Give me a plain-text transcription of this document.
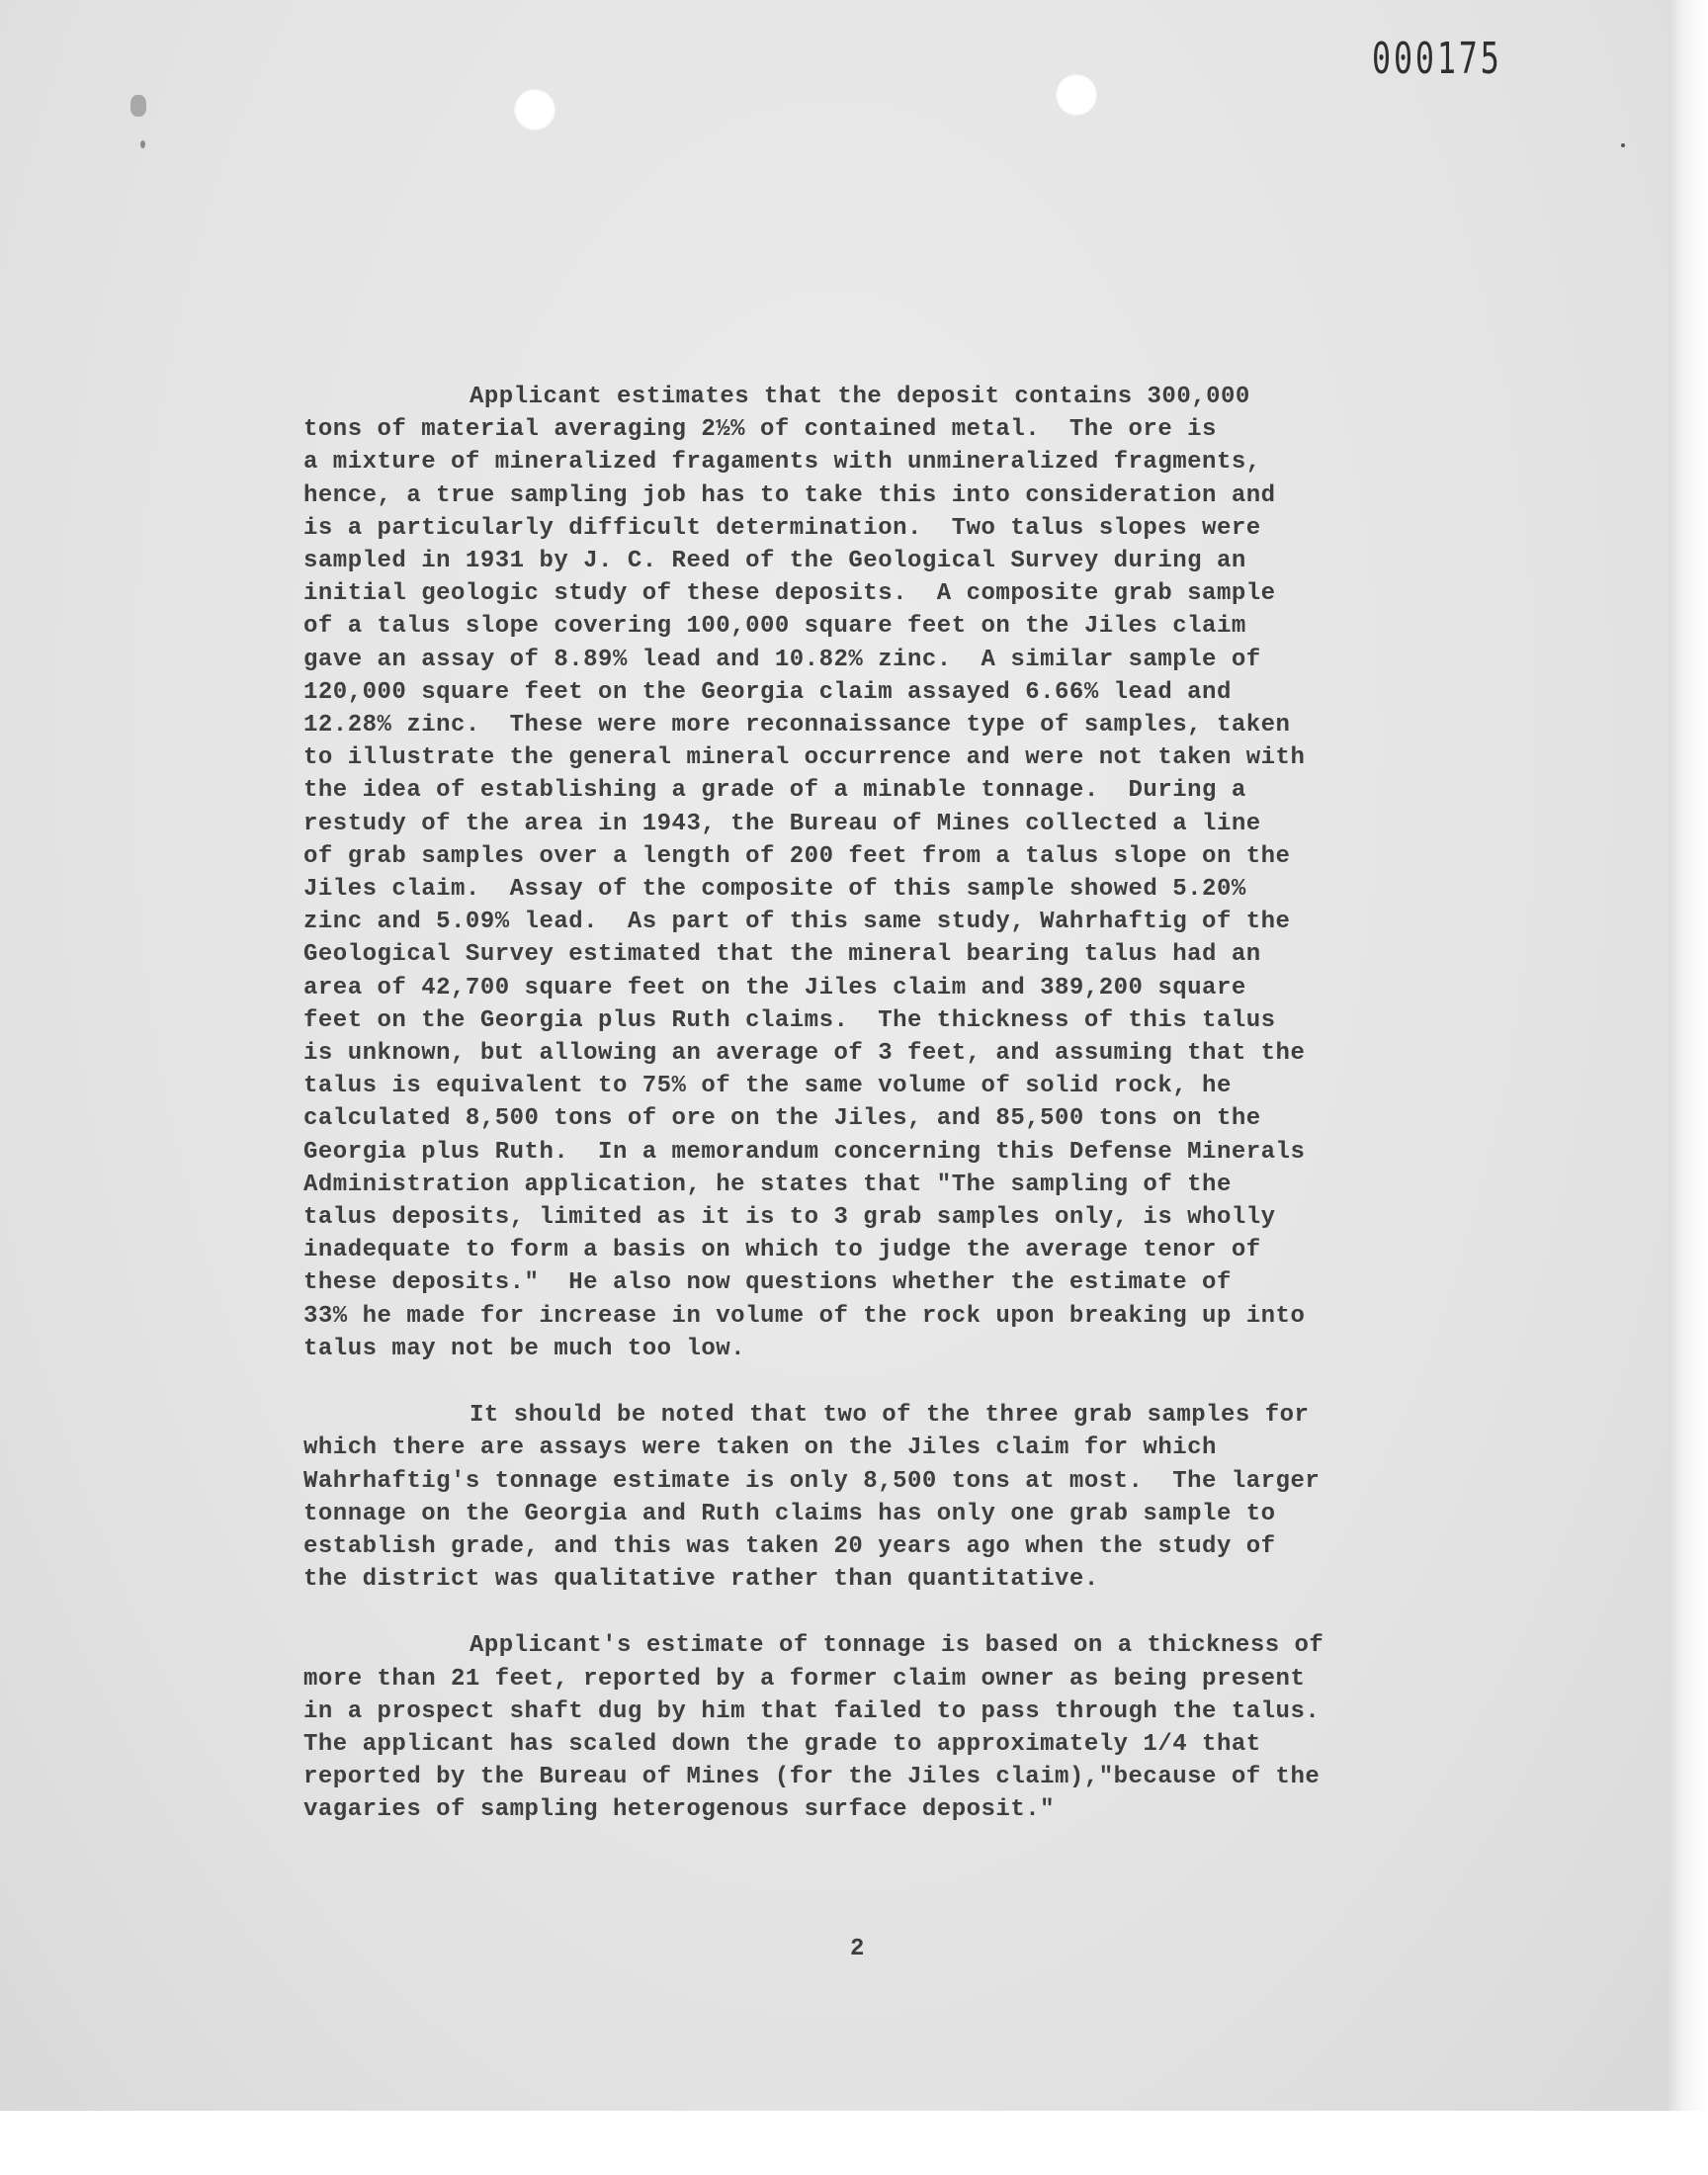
000175
Applicant estimates that the deposit contains 300,000
tons of material averaging 2½% of contained metal.  The ore is
a mixture of mineralized fragaments with unmineralized fragments,
hence, a true sampling job has to take this into consideration and
is a particularly difficult determination.  Two talus slopes were
sampled in 1931 by J. C. Reed of the Geological Survey during an
initial geologic study of these deposits.  A composite grab sample
of a talus slope covering 100,000 square feet on the Jiles claim
gave an assay of 8.89% lead and 10.82% zinc.  A similar sample of
120,000 square feet on the Georgia claim assayed 6.66% lead and
12.28% zinc.  These were more reconnaissance type of samples, taken
to illustrate the general mineral occurrence and were not taken with
the idea of establishing a grade of a minable tonnage.  During a
restudy of the area in 1943, the Bureau of Mines collected a line
of grab samples over a length of 200 feet from a talus slope on the
Jiles claim.  Assay of the composite of this sample showed 5.20%
zinc and 5.09% lead.  As part of this same study, Wahrhaftig of the
Geological Survey estimated that the mineral bearing talus had an
area of 42,700 square feet on the Jiles claim and 389,200 square
feet on the Georgia plus Ruth claims.  The thickness of this talus
is unknown, but allowing an average of 3 feet, and assuming that the
talus is equivalent to 75% of the same volume of solid rock, he
calculated 8,500 tons of ore on the Jiles, and 85,500 tons on the
Georgia plus Ruth.  In a memorandum concerning this Defense Minerals
Administration application, he states that "The sampling of the
talus deposits, limited as it is to 3 grab samples only, is wholly
inadequate to form a basis on which to judge the average tenor of
these deposits."  He also now questions whether the estimate of
33% he made for increase in volume of the rock upon breaking up into
talus may not be much too low.
It should be noted that two of the three grab samples for
which there are assays were taken on the Jiles claim for which
Wahrhaftig's tonnage estimate is only 8,500 tons at most.  The larger
tonnage on the Georgia and Ruth claims has only one grab sample to
establish grade, and this was taken 20 years ago when the study of
the district was qualitative rather than quantitative.
Applicant's estimate of tonnage is based on a thickness of
more than 21 feet, reported by a former claim owner as being present
in a prospect shaft dug by him that failed to pass through the talus.
The applicant has scaled down the grade to approximately 1/4 that
reported by the Bureau of Mines (for the Jiles claim),"because of the
vagaries of sampling heterogenous surface deposit."
2
